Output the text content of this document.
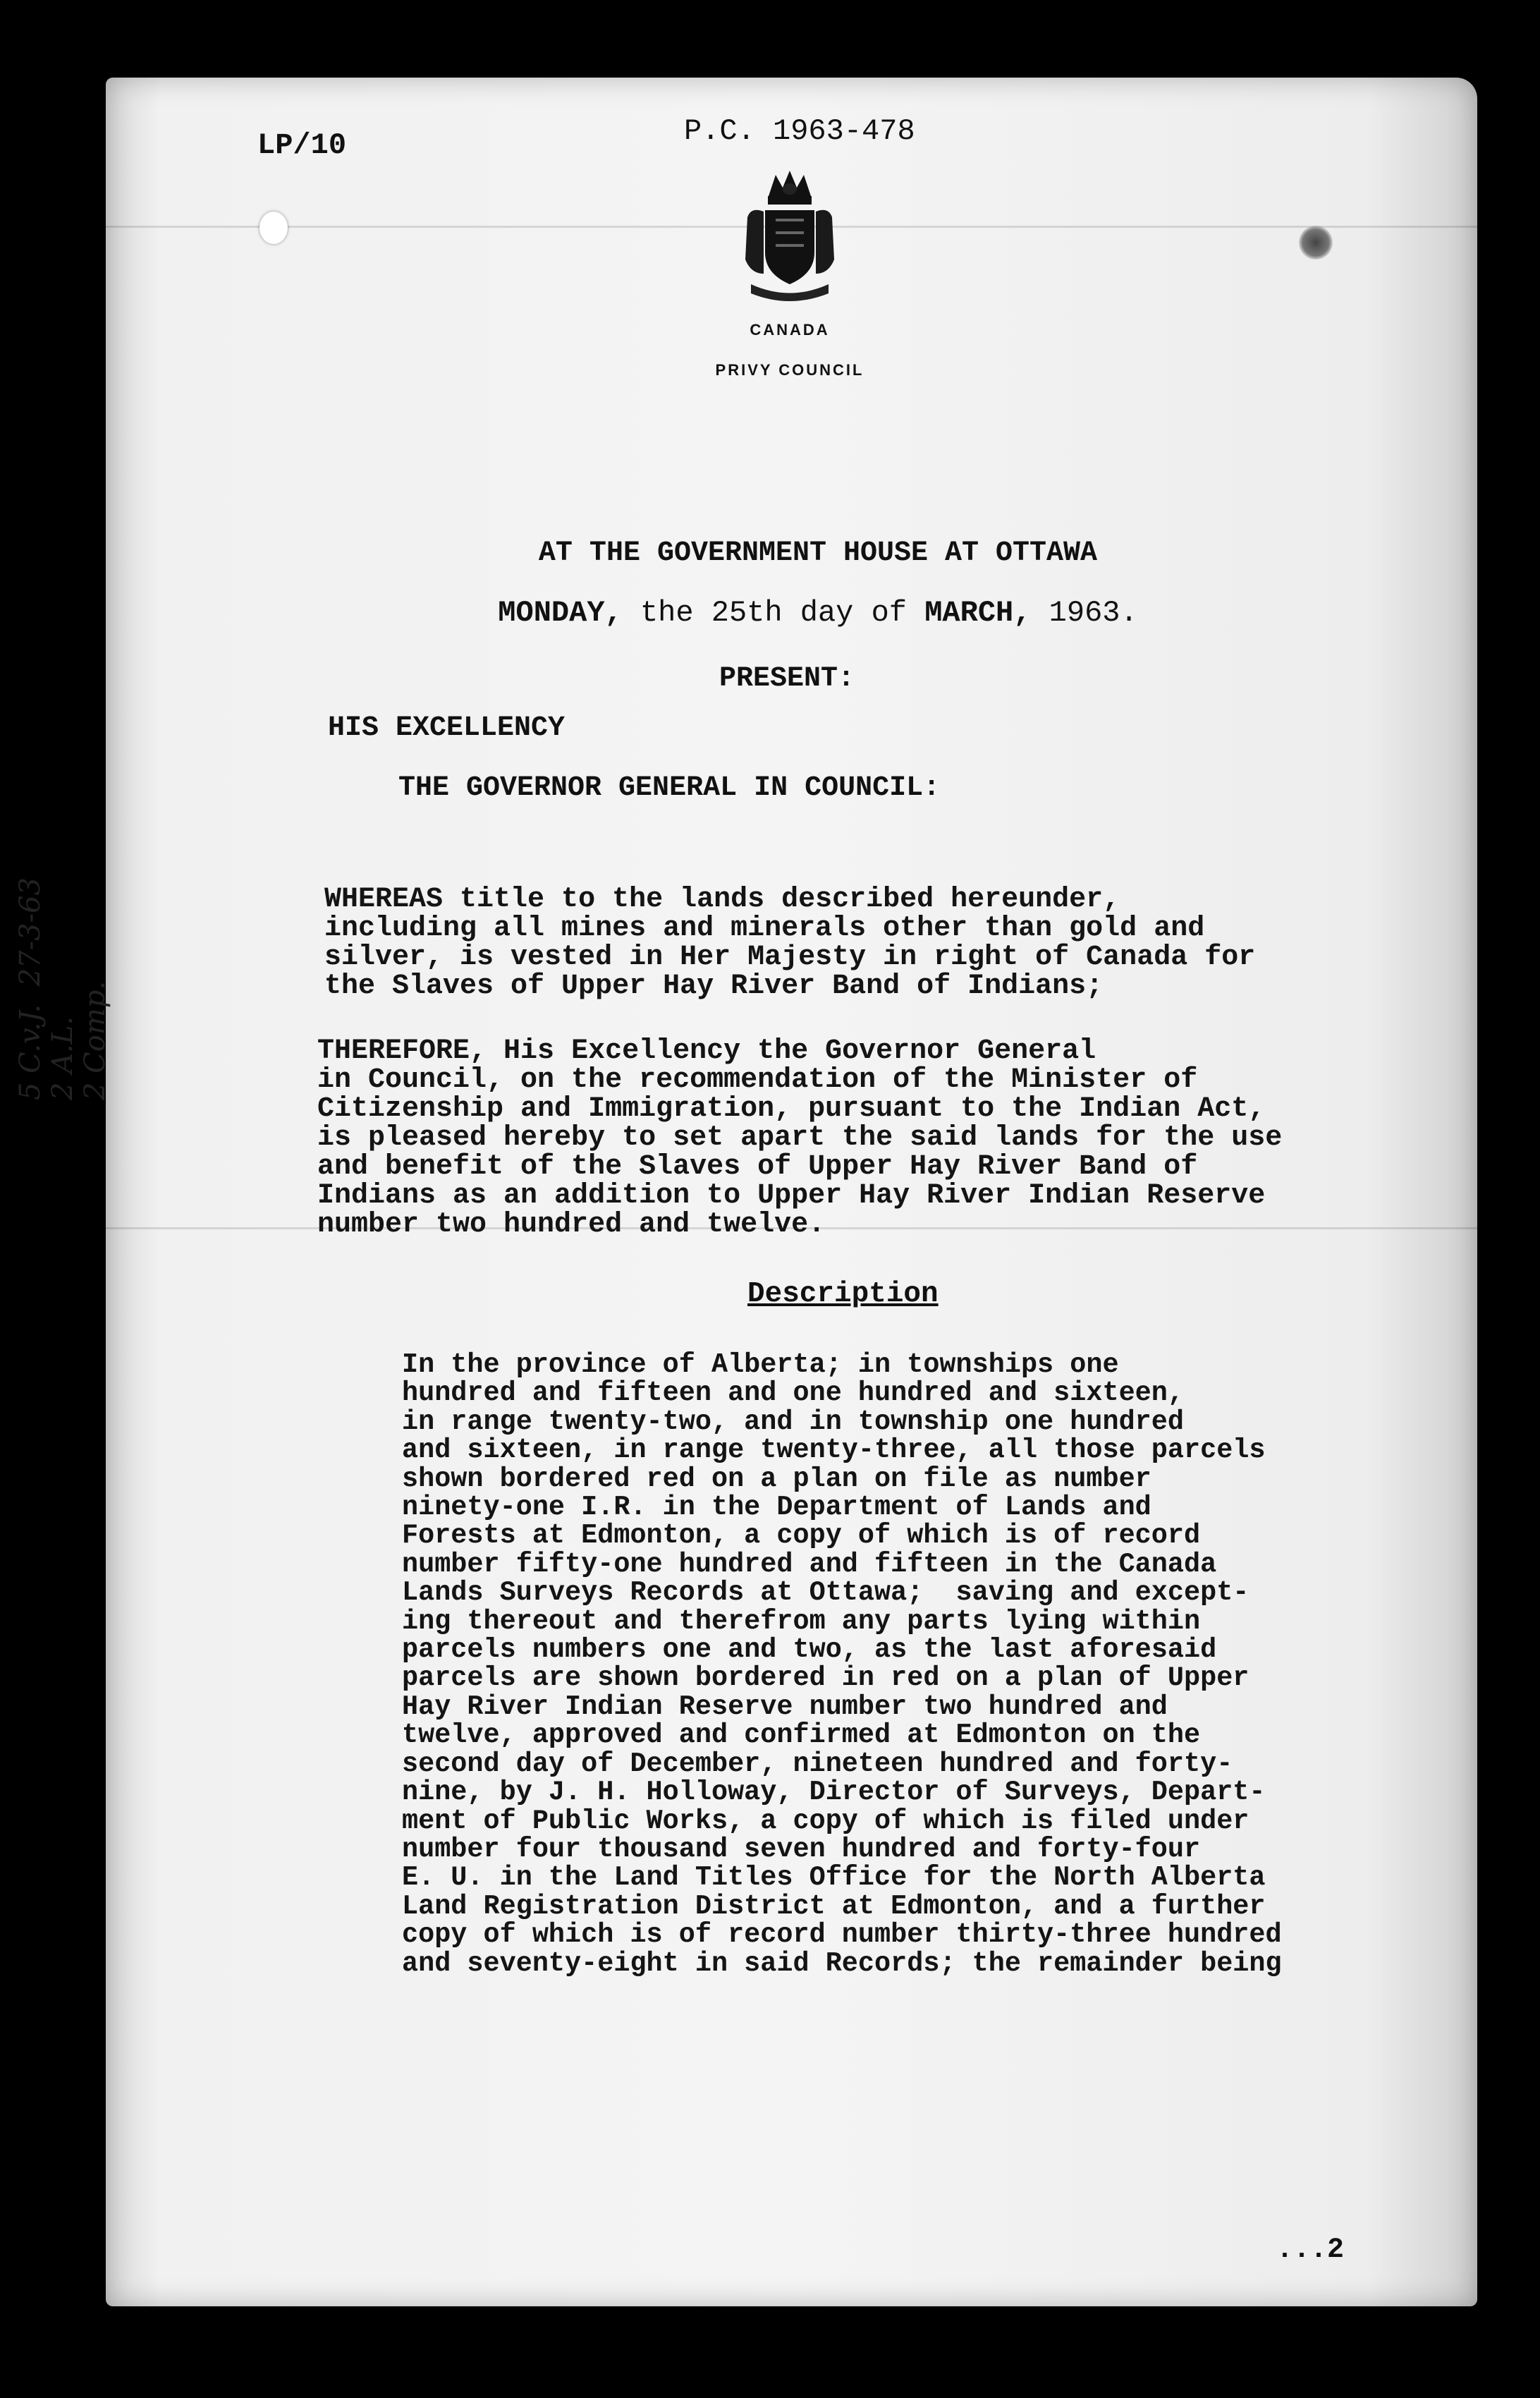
LP/10	P.C. 1963-478
CANADA
PRIVY COUNCIL
AT THE GOVERNMENT HOUSE AT OTTAWA
MONDAY, the 25th day of MARCH, 1963.
PRESENT:
HIS EXCELLENCY
THE GOVERNOR GENERAL IN COUNCIL:
WHEREAS title to the lands described hereunder,
including all mines and minerals other than gold and
silver, is vested in Her Majesty in right of Canada for
the Slaves of Upper Hay River Band of Indians;
THEREFORE, His Excellency the Governor General
in Council, on the recommendation of the Minister of
Citizenship and Immigration, pursuant to the Indian Act,
is pleased hereby to set apart the said lands for the use
and benefit of the Slaves of Upper Hay River Band of
Indians as an addition to Upper Hay River Indian Reserve
number two hundred and twelve.
Description
In the province of Alberta; in townships one
hundred and fifteen and one hundred and sixteen,
in range twenty-two, and in township one hundred
and sixteen, in range twenty-three, all those parcels
shown bordered red on a plan on file as number
ninety-one I.R. in the Department of Lands and
Forests at Edmonton, a copy of which is of record
number fifty-one hundred and fifteen in the Canada
Lands Surveys Records at Ottawa;  saving and except-
ing thereout and therefrom any parts lying within
parcels numbers one and two, as the last aforesaid
parcels are shown bordered in red on a plan of Upper
Hay River Indian Reserve number two hundred and
twelve, approved and confirmed at Edmonton on the
second day of December, nineteen hundred and forty-
nine, by J. H. Holloway, Director of Surveys, Depart-
ment of Public Works, a copy of which is filed under
number four thousand seven hundred and forty-four
E. U. in the Land Titles Office for the North Alberta
Land Registration District at Edmonton, and a further
copy of which is of record number thirty-three hundred
and seventy-eight in said Records; the remainder being
...2
5 C.v.J.  27-3-63
2 A.L.
2 Comp.
